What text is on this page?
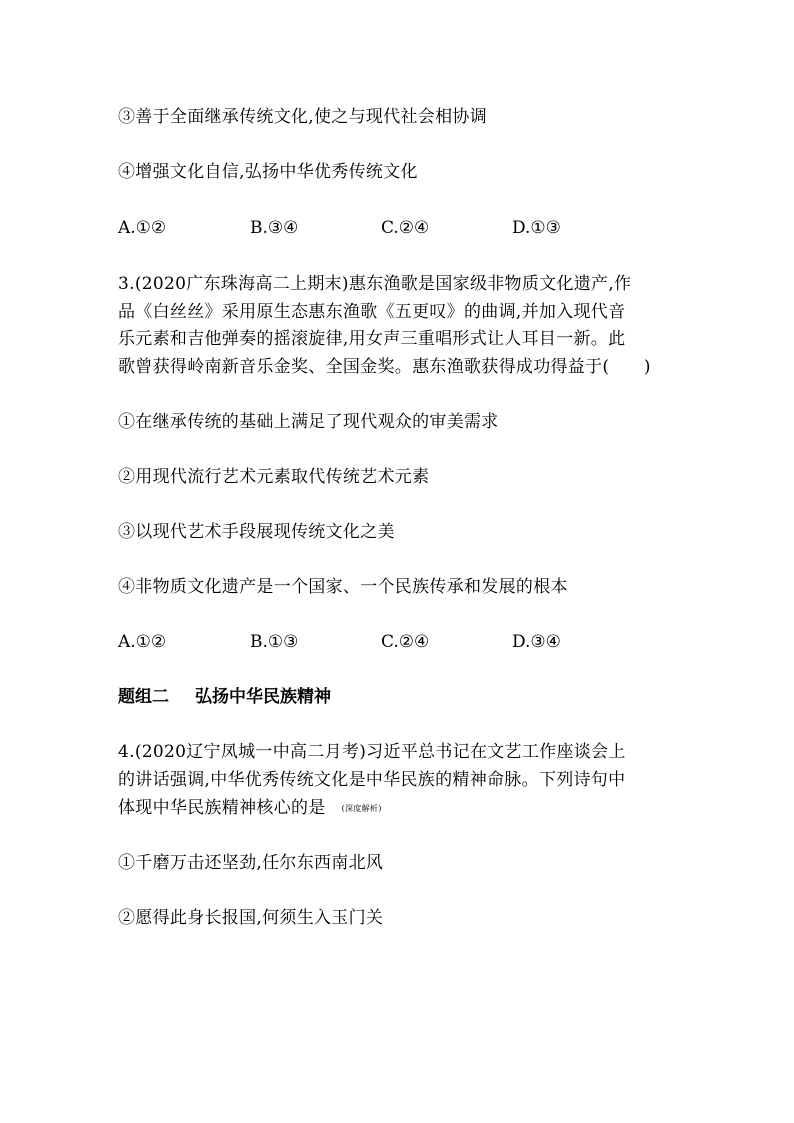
③善于全面继承传统文化,使之与现代社会相协调
④增强文化自信,弘扬中华优秀传统文化
A.①②	B.③④	C.②④	D.①③
3.(2020广东珠海高二上期末)惠东渔歌是国家级非物质文化遗产,作
品《白丝丝》采用原生态惠东渔歌《五更叹》的曲调,并加入现代音
乐元素和吉他弹奏的摇滚旋律,用女声三重唱形式让人耳目一新。此
歌曾获得岭南新音乐金奖、全国金奖。惠东渔歌获得成功得益于(　　)
①在继承传统的基础上满足了现代观众的审美需求
②用现代流行艺术元素取代传统艺术元素
③以现代艺术手段展现传统文化之美
④非物质文化遗产是一个国家、一个民族传承和发展的根本
A.①②	B.①③	C.②④	D.③④
题组二 弘扬中华民族精神
4.(2020辽宁凤城一中高二月考)习近平总书记在文艺工作座谈会上
的讲话强调,中华优秀传统文化是中华民族的精神命脉。下列诗句中
体现中华民族精神核心的是 (深度解析)
①千磨万击还坚劲,任尔东西南北风
②愿得此身长报国,何须生入玉门关
